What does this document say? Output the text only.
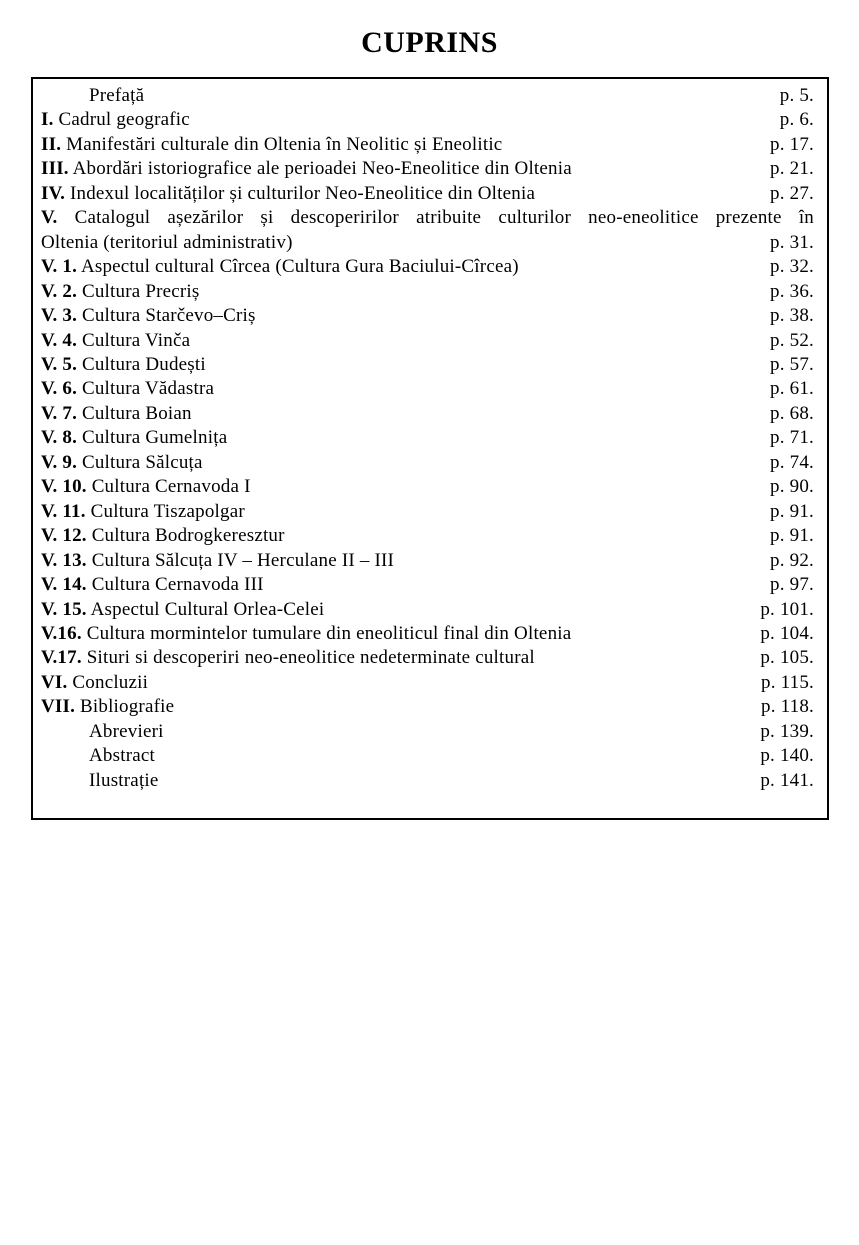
CUPRINS
Prefață	p. 5.
I. Cadrul geografic	p. 6.
II. Manifestări culturale din Oltenia în Neolitic și Eneolitic	p. 17.
III. Abordări istoriografice ale perioadei Neo-Eneolitice din Oltenia	p. 21.
IV. Indexul localităților și culturilor Neo-Eneolitice din Oltenia	p. 27.
V. Catalogul așezărilor și descoperirilor atribuite culturilor neo-eneolitice prezente în
Oltenia (teritoriul administrativ)	p. 31.
V. 1. Aspectul cultural Cîrcea (Cultura Gura Baciului-Cîrcea)	p. 32.
V. 2. Cultura Precriș	p. 36.
V. 3. Cultura Starčevo–Criș	p. 38.
V. 4. Cultura Vinča	p. 52.
V. 5. Cultura Dudești	p. 57.
V. 6. Cultura Vădastra	p. 61.
V. 7. Cultura Boian	p. 68.
V. 8. Cultura Gumelnița	p. 71.
V. 9. Cultura Sălcuța	p. 74.
V. 10. Cultura Cernavoda I	p. 90.
V. 11. Cultura Tiszapolgar	p. 91.
V. 12. Cultura Bodrogkeresztur	p. 91.
V. 13. Cultura Sălcuța IV – Herculane II – III	p. 92.
V. 14. Cultura Cernavoda III	p. 97.
V. 15. Aspectul Cultural Orlea-Celei	p. 101.
V.16. Cultura mormintelor tumulare din eneoliticul final din Oltenia	p. 104.
V.17. Situri si descoperiri neo-eneolitice nedeterminate cultural	p. 105.
VI. Concluzii	p. 115.
VII. Bibliografie	p. 118.
Abrevieri	p. 139.
Abstract	p. 140.
Ilustrație	p. 141.
